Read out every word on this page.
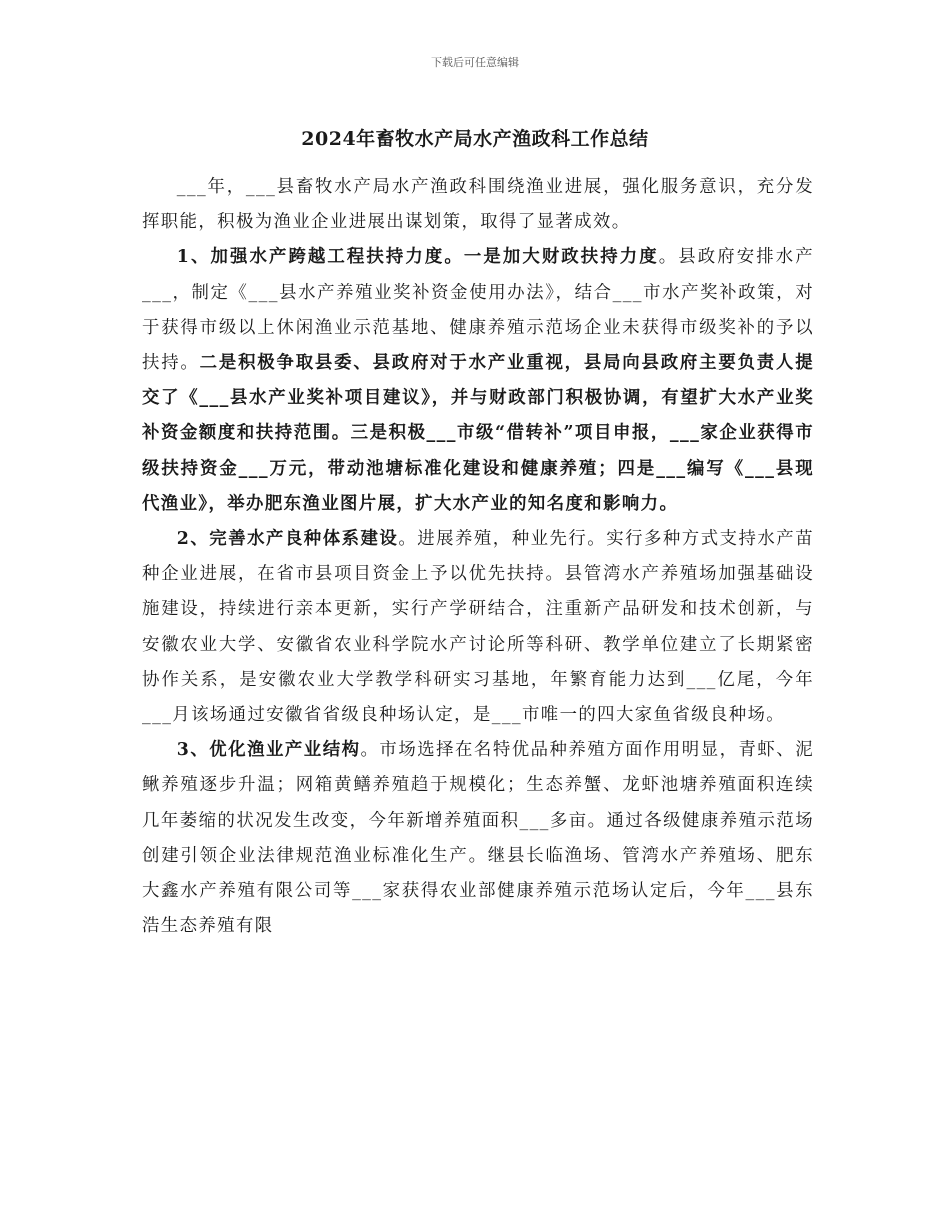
下载后可任意编辑
2024年畜牧水产局水产渔政科工作总结

___年，___县畜牧水产局水产渔政科围绕渔业进展，强化服务意识，充分发挥职能，积极为渔业企业进展出谋划策，取得了显著成效。

1、加强水产跨越工程扶持力度。一是加大财政扶持力度。县政府安排水产___，制定《___县水产养殖业奖补资金使用办法》，结合___市水产奖补政策，对于获得市级以上休闲渔业示范基地、健康养殖示范场企业未获得市级奖补的予以扶持。二是积极争取县委、县政府对于水产业重视，县局向县政府主要负责人提交了《___县水产业奖补项目建议》，并与财政部门积极协调，有望扩大水产业奖补资金额度和扶持范围。三是积极___市级“借转补”项目申报，___家企业获得市级扶持资金___万元，带动池塘标准化建设和健康养殖；四是___编写《___县现代渔业》，举办肥东渔业图片展，扩大水产业的知名度和影响力。

2、完善水产良种体系建设。进展养殖，种业先行。实行多种方式支持水产苗种企业进展，在省市县项目资金上予以优先扶持。县管湾水产养殖场加强基础设施建设，持续进行亲本更新，实行产学研结合，注重新产品研发和技术创新，与安徽农业大学、安徽省农业科学院水产讨论所等科研、教学单位建立了长期紧密协作关系，是安徽农业大学教学科研实习基地，年繁育能力达到___亿尾，今年___月该场通过安徽省省级良种场认定，是___市唯一的四大家鱼省级良种场。

3、优化渔业产业结构。市场选择在名特优品种养殖方面作用明显，青虾、泥鳅养殖逐步升温；网箱黄鳝养殖趋于规模化；生态养蟹、龙虾池塘养殖面积连续几年萎缩的状况发生改变，今年新增养殖面积___多亩。通过各级健康养殖示范场创建引领企业法律规范渔业标准化生产。继县长临渔场、管湾水产养殖场、肥东大鑫水产养殖有限公司等___家获得农业部健康养殖示范场认定后，今年___县东浩生态养殖有限
